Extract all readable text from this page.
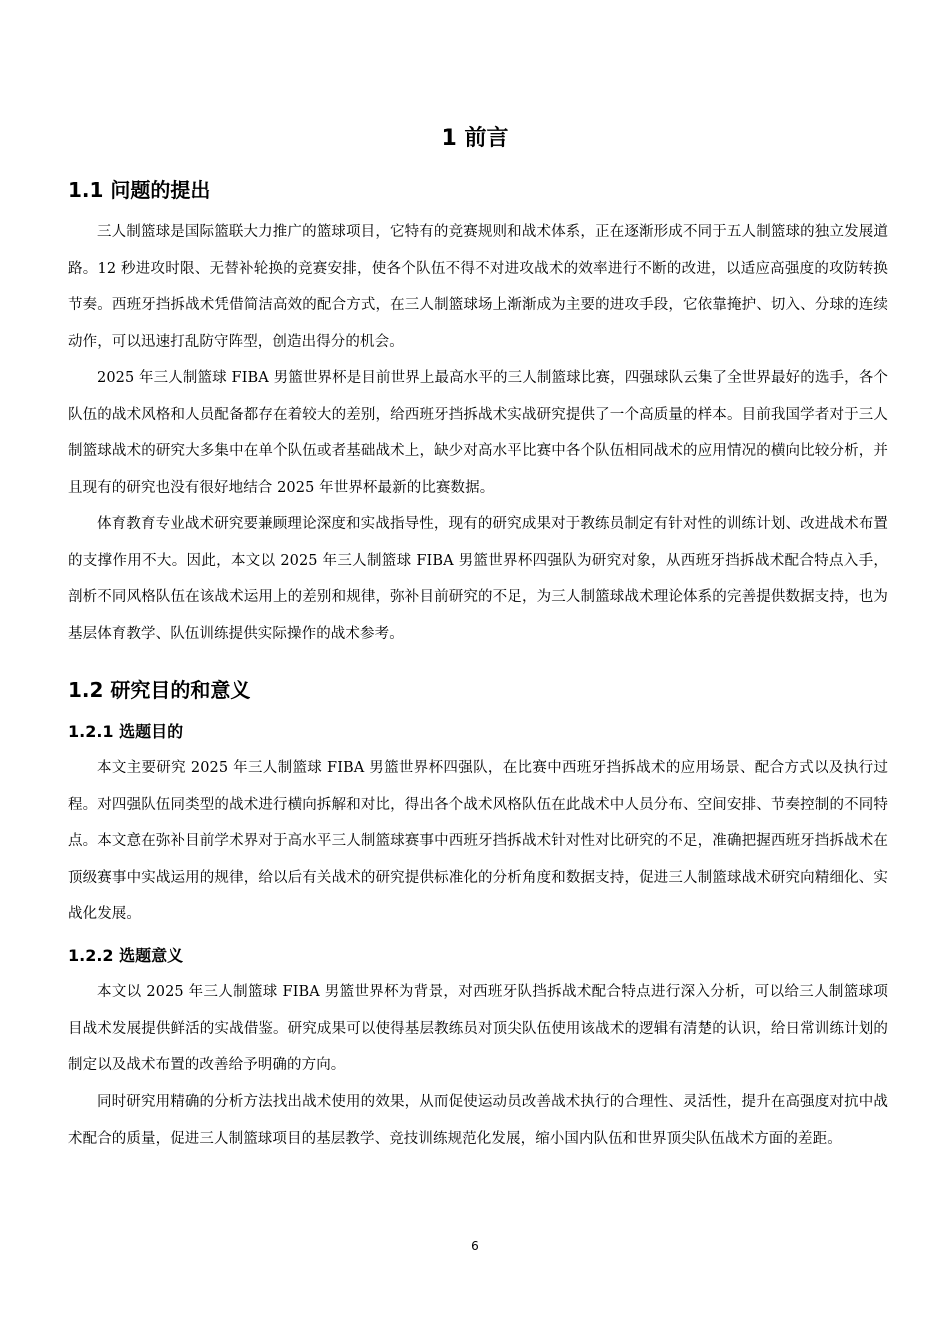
1 前言
1.1 问题的提出

三人制篮球是国际篮联大力推广的篮球项目，它特有的竞赛规则和战术体系，正在逐渐形成不同于五人制篮球的独立发展道路。12 秒进攻时限、无替补轮换的竞赛安排，使各个队伍不得不对进攻战术的效率进行不断的改进，以适应高强度的攻防转换节奏。西班牙挡拆战术凭借简洁高效的配合方式，在三人制篮球场上渐渐成为主要的进攻手段，它依靠掩护、切入、分球的连续动作，可以迅速打乱防守阵型，创造出得分的机会。

2025 年三人制篮球 FIBA 男篮世界杯是目前世界上最高水平的三人制篮球比赛，四强球队云集了全世界最好的选手，各个队伍的战术风格和人员配备都存在着较大的差别，给西班牙挡拆战术实战研究提供了一个高质量的样本。目前我国学者对于三人制篮球战术的研究大多集中在单个队伍或者基础战术上，缺少对高水平比赛中各个队伍相同战术的应用情况的横向比较分析，并且现有的研究也没有很好地结合 2025 年世界杯最新的比赛数据。

体育教育专业战术研究要兼顾理论深度和实战指导性，现有的研究成果对于教练员制定有针对性的训练计划、改进战术布置的支撑作用不大。因此，本文以 2025 年三人制篮球 FIBA 男篮世界杯四强队为研究对象，从西班牙挡拆战术配合特点入手，剖析不同风格队伍在该战术运用上的差别和规律，弥补目前研究的不足，为三人制篮球战术理论体系的完善提供数据支持，也为基层体育教学、队伍训练提供实际操作的战术参考。

1.2 研究目的和意义
1.2.1 选题目的

本文主要研究 2025 年三人制篮球 FIBA 男篮世界杯四强队，在比赛中西班牙挡拆战术的应用场景、配合方式以及执行过程。对四强队伍同类型的战术进行横向拆解和对比，得出各个战术风格队伍在此战术中人员分布、空间安排、节奏控制的不同特点。本文意在弥补目前学术界对于高水平三人制篮球赛事中西班牙挡拆战术针对性对比研究的不足，准确把握西班牙挡拆战术在顶级赛事中实战运用的规律，给以后有关战术的研究提供标准化的分析角度和数据支持，促进三人制篮球战术研究向精细化、实战化发展。

1.2.2 选题意义

本文以 2025 年三人制篮球 FIBA 男篮世界杯为背景，对西班牙队挡拆战术配合特点进行深入分析，可以给三人制篮球项目战术发展提供鲜活的实战借鉴。研究成果可以使得基层教练员对顶尖队伍使用该战术的逻辑有清楚的认识，给日常训练计划的制定以及战术布置的改善给予明确的方向。

同时研究用精确的分析方法找出战术使用的效果，从而促使运动员改善战术执行的合理性、灵活性，提升在高强度对抗中战术配合的质量，促进三人制篮球项目的基层教学、竞技训练规范化发展，缩小国内队伍和世界顶尖队伍战术方面的差距。

6
